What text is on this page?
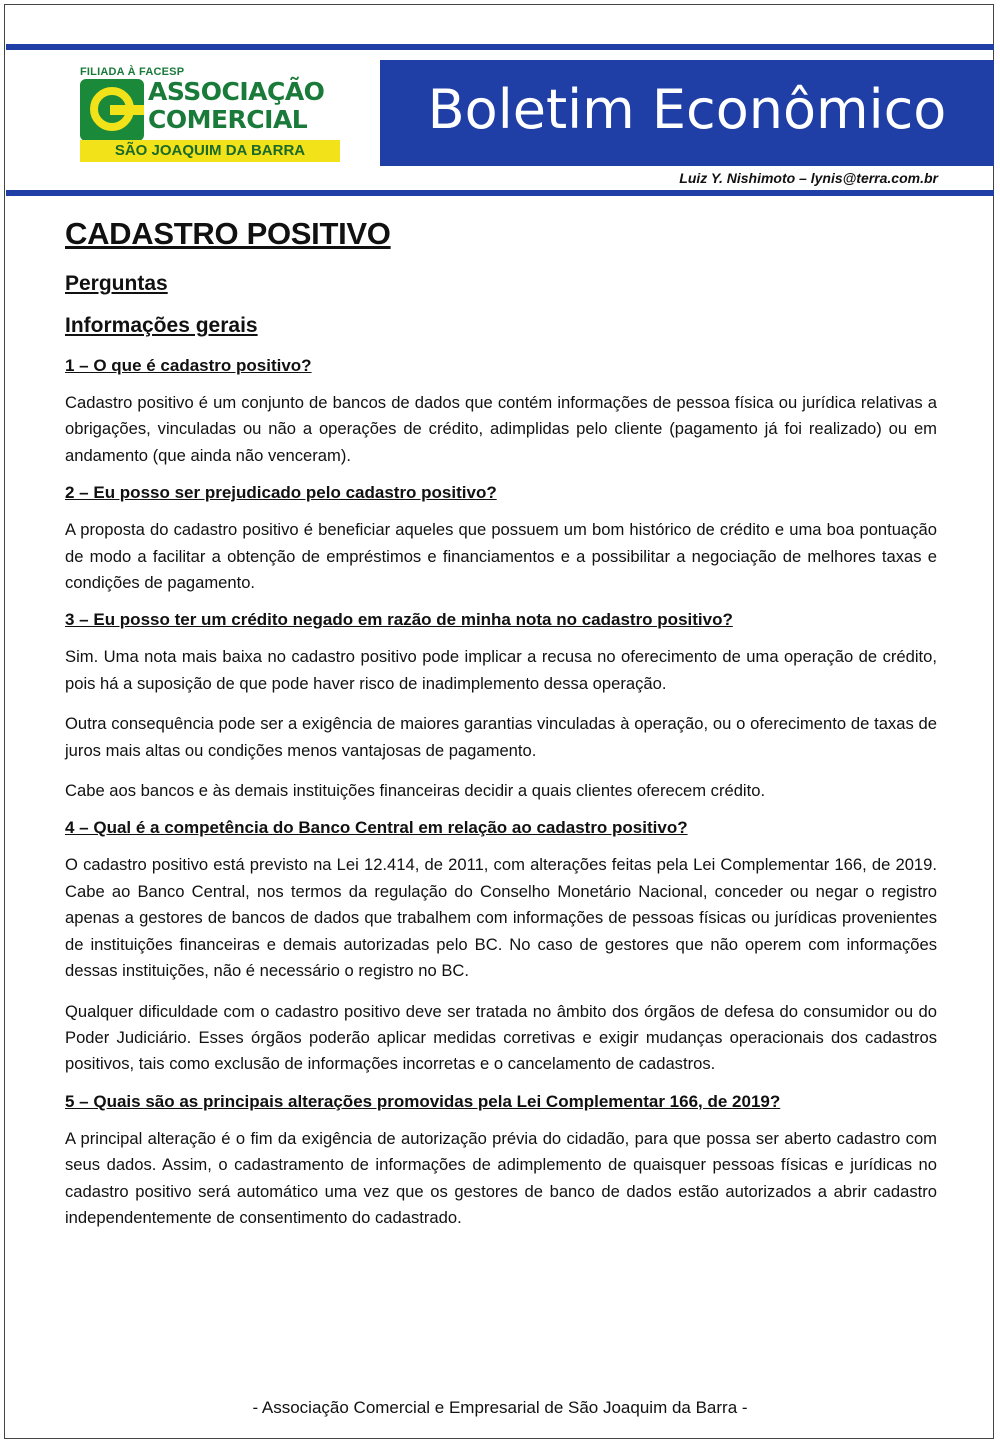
FILIADA À FACESP
ASSOCIAÇÃO
COMERCIAL
SÃO JOAQUIM DA BARRA
Boletim Econômico
Luiz Y. Nishimoto – lynis@terra.com.br
CADASTRO POSITIVO
Perguntas
Informações gerais
1 – O que é cadastro positivo?
Cadastro positivo é um conjunto de bancos de dados que contém informações de pessoa física ou jurídica relativas a obrigações, vinculadas ou não a operações de crédito, adimplidas pelo cliente (pagamento já foi realizado) ou em andamento (que ainda não venceram).
2 – Eu posso ser prejudicado pelo cadastro positivo?
A proposta do cadastro positivo é beneficiar aqueles que possuem um bom histórico de crédito e uma boa pontuação de modo a facilitar a obtenção de empréstimos e financiamentos e a possibilitar a negociação de melhores taxas e condições de pagamento.
3 – Eu posso ter um crédito negado em razão de minha nota no cadastro positivo?
Sim. Uma nota mais baixa no cadastro positivo pode implicar a recusa no oferecimento de uma operação de crédito, pois há a suposição de que pode haver risco de inadimplemento dessa operação.
Outra consequência pode ser a exigência de maiores garantias vinculadas à operação, ou o oferecimento de taxas de juros mais altas ou condições menos vantajosas de pagamento.
Cabe aos bancos e às demais instituições financeiras decidir a quais clientes oferecem crédito.
4 – Qual é a competência do Banco Central em relação ao cadastro positivo?
O cadastro positivo está previsto na Lei 12.414, de 2011, com alterações feitas pela Lei Complementar 166, de 2019. Cabe ao Banco Central, nos termos da regulação do Conselho Monetário Nacional, conceder ou negar o registro apenas a gestores de bancos de dados que trabalhem com informações de pessoas físicas ou jurídicas provenientes de instituições financeiras e demais autorizadas pelo BC. No caso de gestores que não operem com informações dessas instituições, não é necessário o registro no BC.
Qualquer dificuldade com o cadastro positivo deve ser tratada no âmbito dos órgãos de defesa do consumidor ou do Poder Judiciário. Esses órgãos poderão aplicar medidas corretivas e exigir mudanças operacionais dos cadastros positivos, tais como exclusão de informações incorretas e o cancelamento de cadastros.
5 – Quais são as principais alterações promovidas pela Lei Complementar 166, de 2019?
A principal alteração é o fim da exigência de autorização prévia do cidadão, para que possa ser aberto cadastro com seus dados. Assim, o cadastramento de informações de adimplemento de quaisquer pessoas físicas e jurídicas no cadastro positivo será automático uma vez que os gestores de banco de dados estão autorizados a abrir cadastro independentemente de consentimento do cadastrado.
- Associação Comercial e Empresarial de São Joaquim da Barra -
